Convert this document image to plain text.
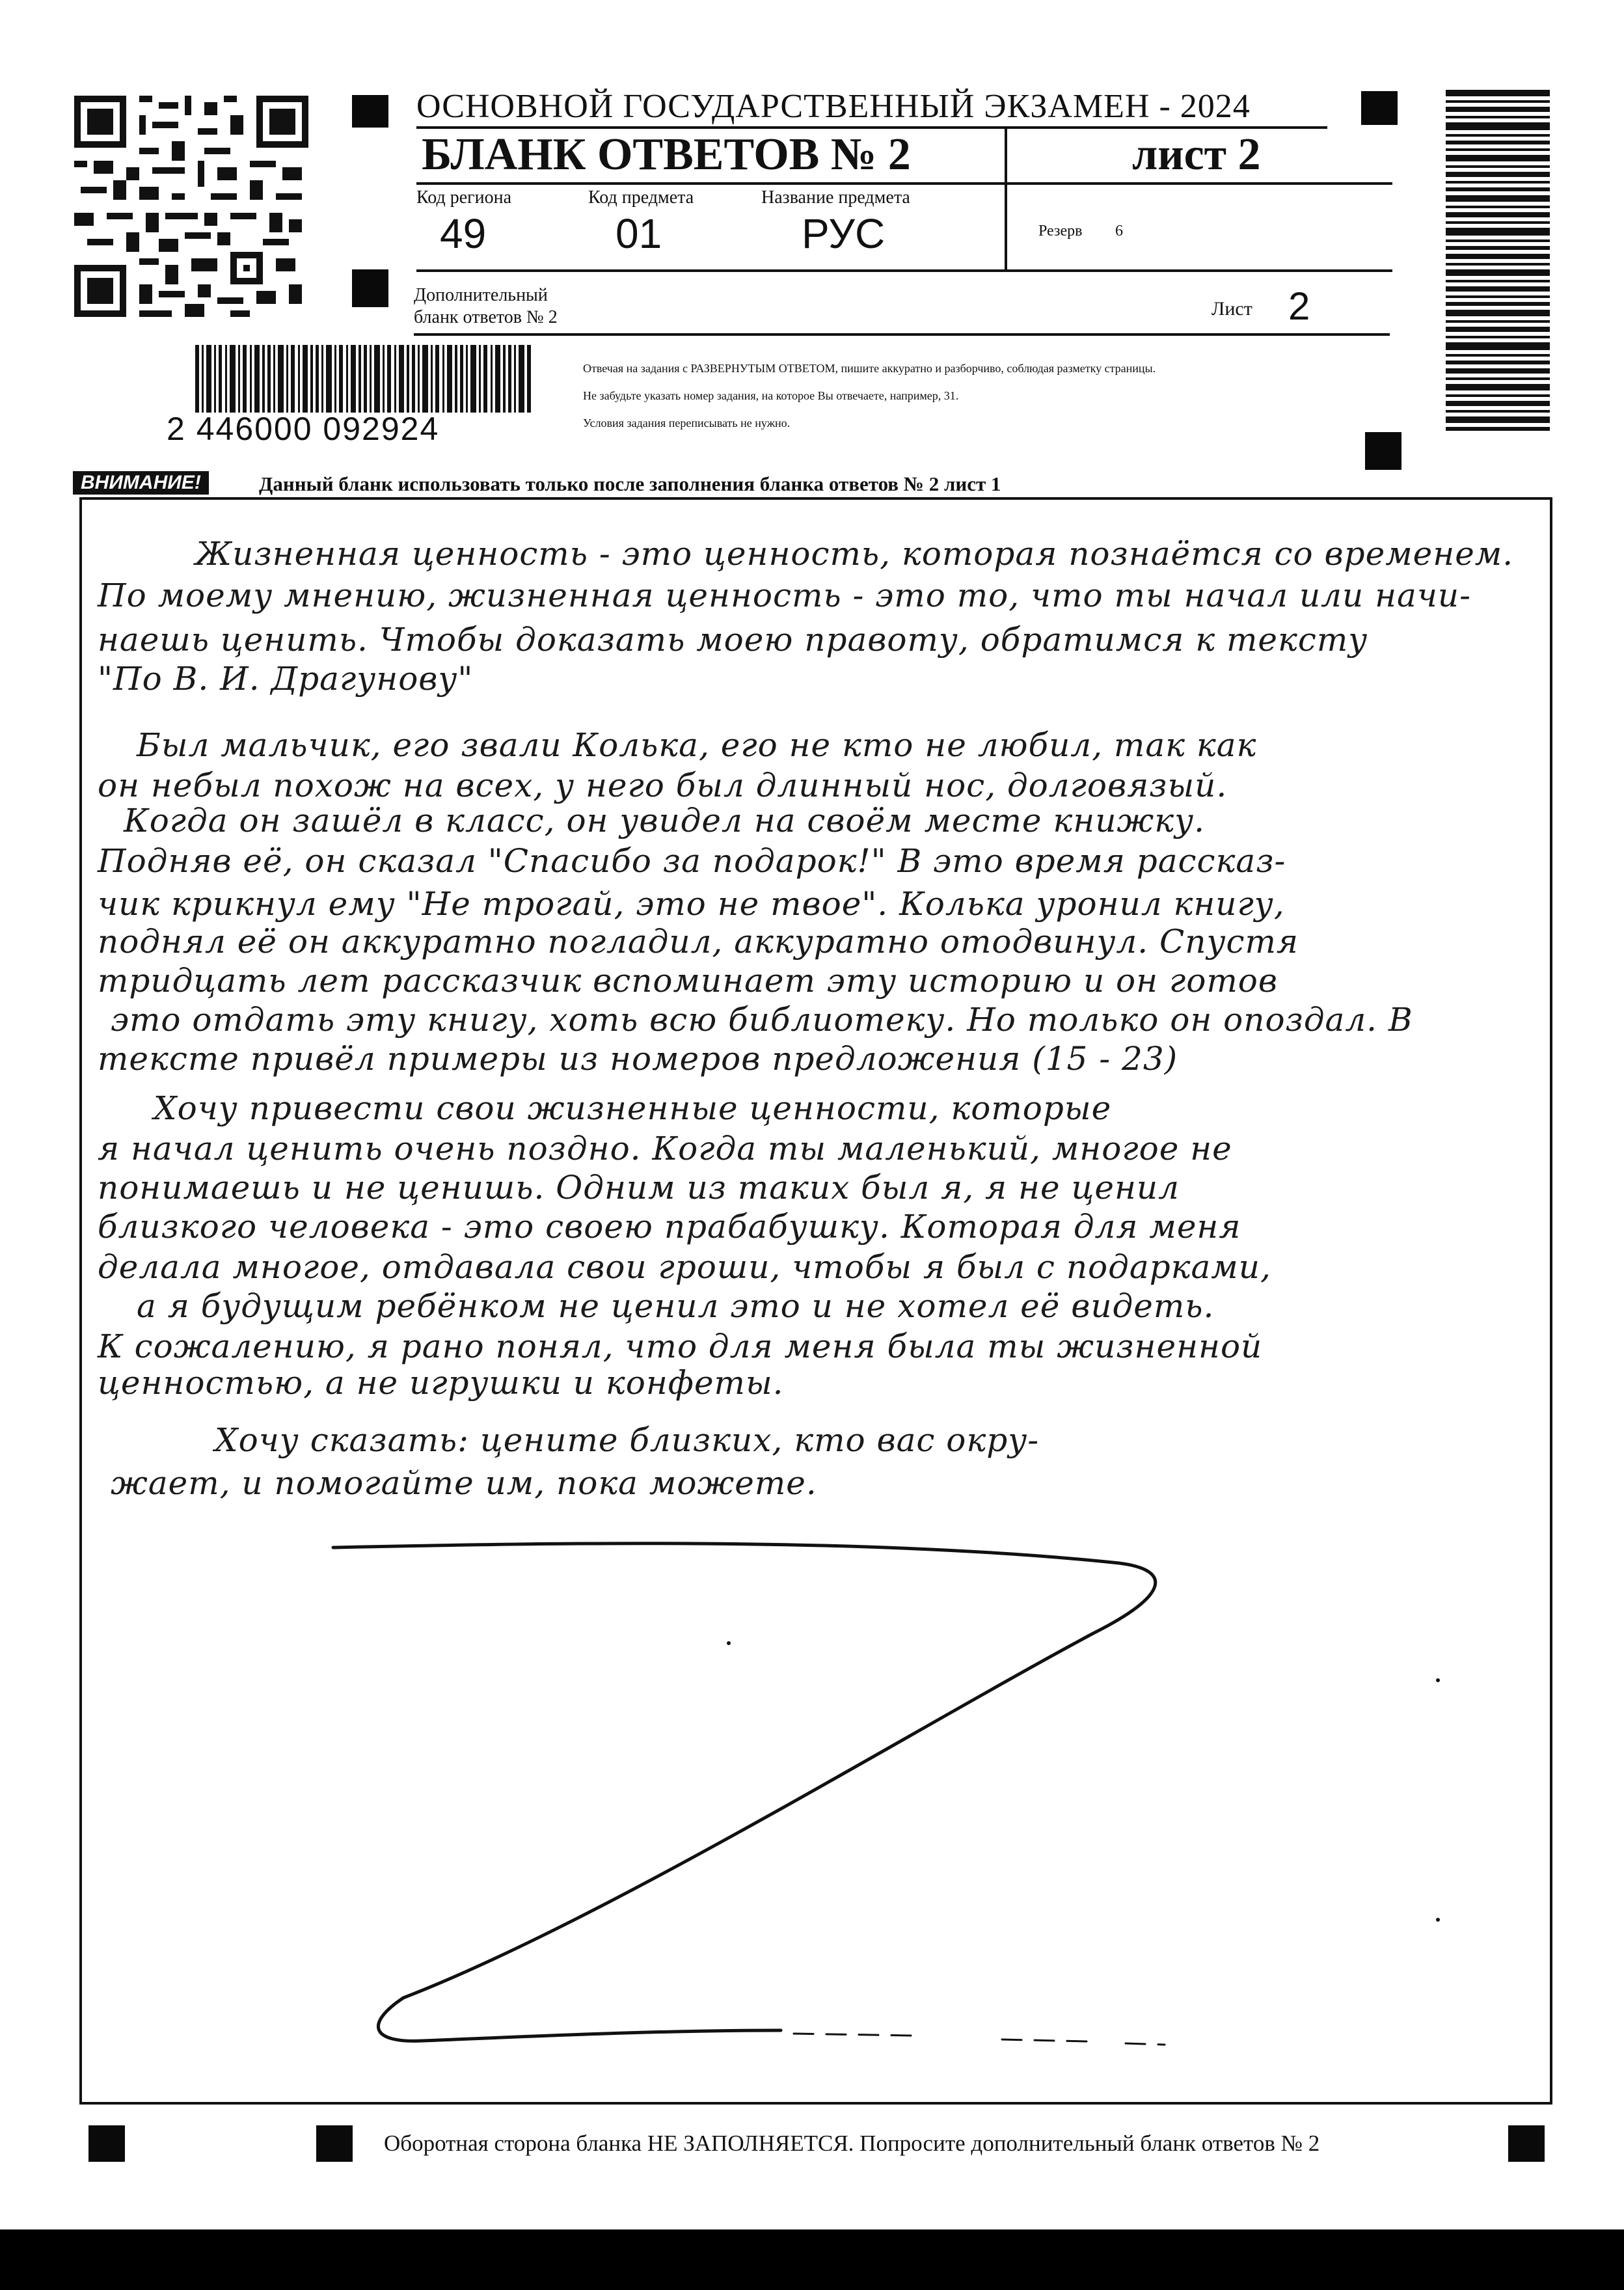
ОСНОВНОЙ ГОСУДАРСТВЕННЫЙ ЭКЗАМЕН - 2024
БЛАНК ОТВЕТОВ № 2	лист 2
Код региона
49
Код предмета
01
Название предмета
РУС	Резерв 6
Дополнительный
бланк ответов № 2	Лист 2
2 446000 092924
Отвечая на задания с РАЗВЕРНУТЫМ ОТВЕТОМ, пишите аккуратно и разборчиво, соблюдая разметку страницы.
Не забудьте указать номер задания, на которое Вы отвечаете, например, 31.
Условия задания переписывать не нужно.
ВНИМАНИЕ!	Данный бланк использовать только после заполнения бланка ответов № 2 лист 1
Жизненная ценность - это ценность, которая познаётся со временем.
По моему мнению, жизненная ценность - это то, что ты начал или начи-
наешь ценить. Чтобы доказать моею правоту, обратимся к тексту
"По В. И. Драгунову"
Был мальчик, его звали Колька, его не кто не любил, так как
он небыл похож на всех, у него был длинный нос, долговязый.
Когда он зашёл в класс, он увидел на своём месте книжку.
Подняв её, он сказал "Спасибо за подарок!" В это время рассказ-
чик крикнул ему "Не трогай, это не твое". Колька уронил книгу,
поднял её он аккуратно погладил, аккуратно отодвинул. Спустя
тридцать лет рассказчик вспоминает эту историю и он готов
это отдать эту книгу, хоть всю библиотеку. Но только он опоздал. В
тексте привёл примеры из номеров предложения (15 - 23)
Хочу привести свои жизненные ценности, которые
я начал ценить очень поздно. Когда ты маленький, многое не
понимаешь и не ценишь. Одним из таких был я, я не ценил
близкого человека - это своею прабабушку. Которая для меня
делала многое, отдавала свои гроши, чтобы я был с подарками,
а я будущим ребёнком не ценил это и не хотел её видеть.
К сожалению, я рано понял, что для меня была ты жизненной
ценностью, а не игрушки и конфеты.
Хочу сказать: цените близких, кто вас окру-
жает, и помогайте им, пока можете.
Оборотная сторона бланка НЕ ЗАПОЛНЯЕТСЯ. Попросите дополнительный бланк ответов № 2
